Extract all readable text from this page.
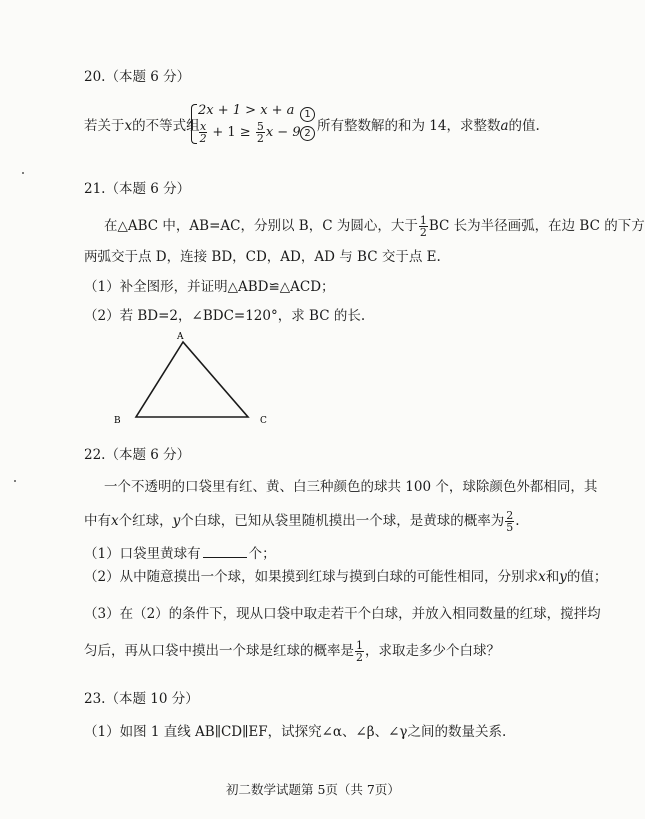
20.（本题 6 分）
若关于x的不等式组
2x + 1 > x + a
$\frac{x}{2} + 1 \ge \frac{5}{2}$ x − 9
1
2 所有整数解的和为 14，求整数a的值.
21.（本题 6 分）
在△ABC 中，AB=AC，分别以 B，C 为圆心，大于 $\frac{1}{2}$ BC 长为半径画弧，在边 BC 的下方
两弧交于点 D，连接 BD，CD，AD，AD 与 BC 交于点 E.
（1）补全图形，并证明△ABD≌△ACD；
（2）若 BD=2，∠BDC=120°，求 BC 的长.
A
B	C
22.（本题 6 分）
一个不透明的口袋里有红、黄、白三种颜色的球共 100 个，球除颜色外都相同，其
中有x个红球，y个白球，已知从袋里随机摸出一个球，是黄球的概率为 $\frac{2}{5}$ .
（1）口袋里黄球有	个；
（2）从中随意摸出一个球，如果摸到红球与摸到白球的可能性相同，分别求x和y的值；
（3）在（2）的条件下，现从口袋中取走若干个白球，并放入相同数量的红球，搅拌均
匀后，再从口袋中摸出一个球是红球的概率是 $\frac{1}{2}$ ，求取走多少个白球？
23.（本题 10 分）
（1）如图 1 直线 AB∥CD∥EF，试探究∠α、∠β、∠γ之间的数量关系.
初二数学试题第 5页（共 7页）
